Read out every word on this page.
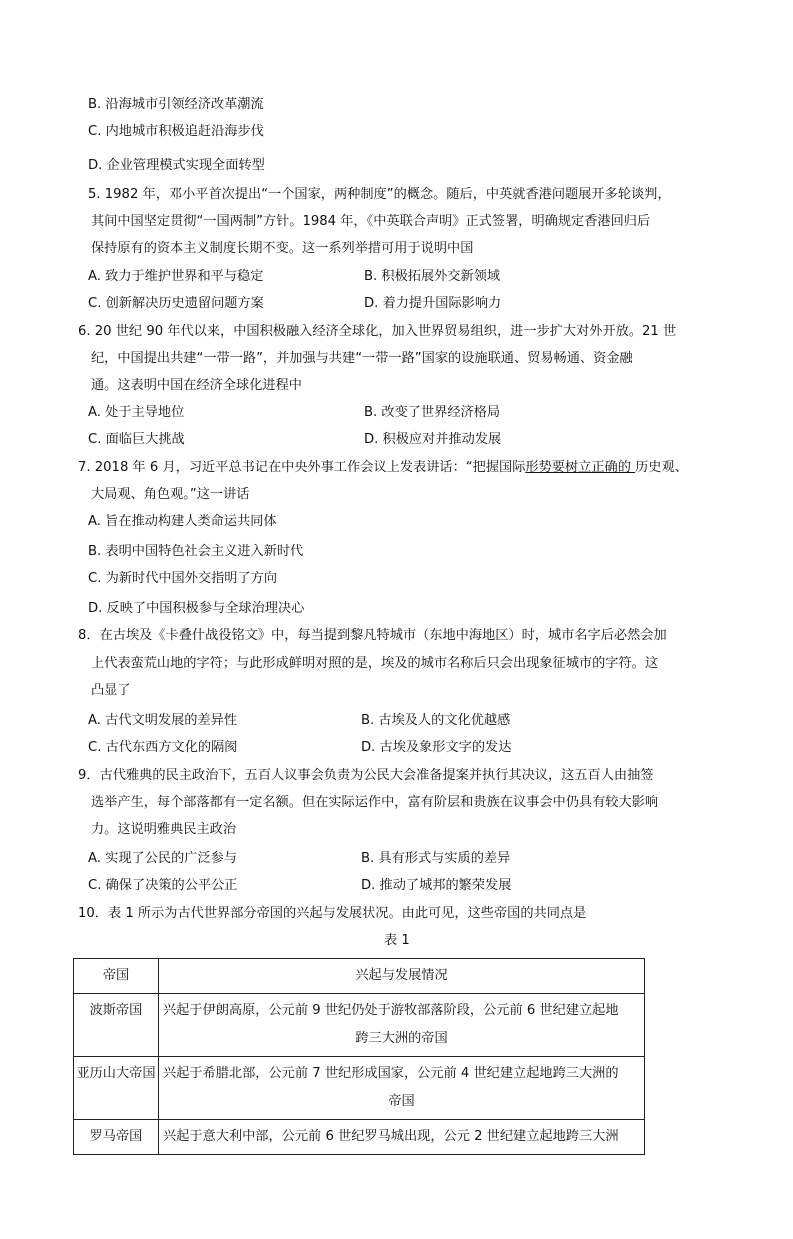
B. 沿海城市引领经济改革潮流
C. 内地城市积极追赶沿海步伐
D. 企业管理模式实现全面转型
5. 1982 年，邓小平首次提出“一个国家，两种制度”的概念。随后，中英就香港问题展开多轮谈判，
其间中国坚定贯彻“一国两制”方针。1984 年，《中英联合声明》正式签署，明确规定香港回归后
保持原有的资本主义制度长期不变。这一系列举措可用于说明中国
A. 致力于维护世界和平与稳定	B. 积极拓展外交新领域
C. 创新解决历史遗留问题方案	D. 着力提升国际影响力
6. 20 世纪 90 年代以来，中国积极融入经济全球化，加入世界贸易组织，进一步扩大对外开放。21 世
纪，中国提出共建“一带一路”，并加强与共建“一带一路”国家的设施联通、贸易畅通、资金融
通。这表明中国在经济全球化进程中
A. 处于主导地位	B. 改变了世界经济格局
C. 面临巨大挑战	D. 积极应对并推动发展
7. 2018 年 6 月，习近平总书记在中央外事工作会议上发表讲话：“把握国际形势要树立正确的 历史观、
大局观、角色观。”这一讲话
A. 旨在推动构建人类命运共同体
B. 表明中国特色社会主义进入新时代
C. 为新时代中国外交指明了方向
D. 反映了中国积极参与全球治理决心
8．在古埃及《卡叠什战役铭文》中，每当提到黎凡特城市（东地中海地区）时，城市名字后必然会加
上代表蛮荒山地的字符；与此形成鲜明对照的是，埃及的城市名称后只会出现象征城市的字符。这
凸显了
A. 古代文明发展的差异性	B. 古埃及人的文化优越感
C. 古代东西方文化的隔阂	D. 古埃及象形文字的发达
9．古代雅典的民主政治下，五百人议事会负责为公民大会准备提案并执行其决议，这五百人由抽签
选举产生，每个部落都有一定名额。但在实际运作中，富有阶层和贵族在议事会中仍具有较大影响
力。这说明雅典民主政治
A. 实现了公民的广泛参与	B. 具有形式与实质的差异
C. 确保了决策的公平公正	D. 推动了城邦的繁荣发展
10．表 1 所示为古代世界部分帝国的兴起与发展状况。由此可见，这些帝国的共同点是
表 1
帝国	兴起与发展情况

波斯帝国	兴起于伊朗高原，公元前 9 世纪仍处于游牧部落阶段，公元前 6 世纪建立起地

跨三大洲的帝国

亚历山大帝国	兴起于希腊北部，公元前 7 世纪形成国家，公元前 4 世纪建立起地跨三大洲的

帝国

罗马帝国	兴起于意大利中部，公元前 6 世纪罗马城出现，公元 2 世纪建立起地跨三大洲
